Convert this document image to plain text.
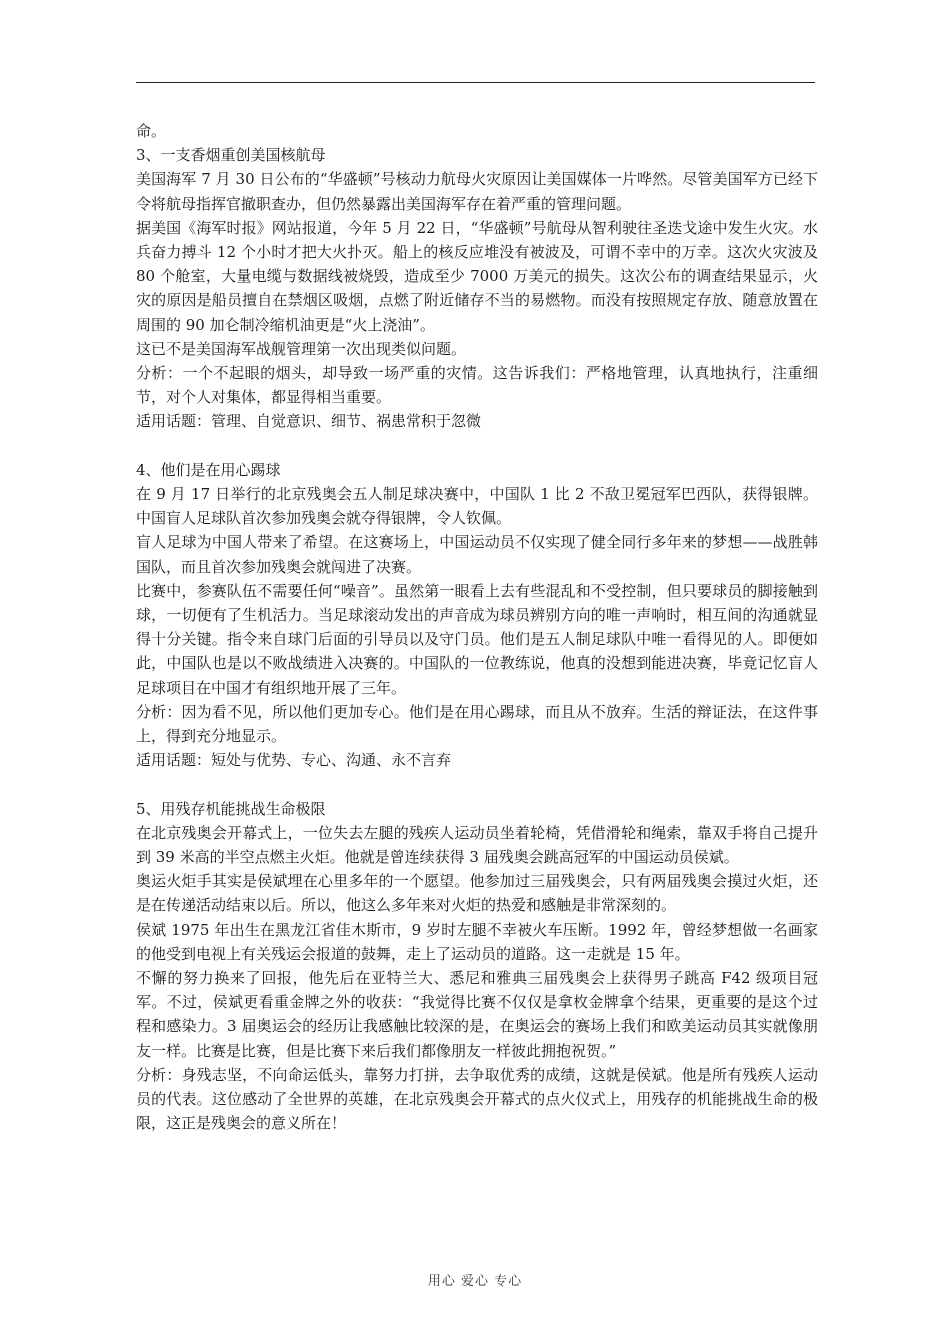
命。

3、一支香烟重创美国核航母

美国海军 7 月 30 日公布的“华盛顿”号核动力航母火灾原因让美国媒体一片哗然。尽管美国军方已经下令将航母指挥官撤职查办，但仍然暴露出美国海军存在着严重的管理问题。

据美国《海军时报》网站报道，今年 5 月 22 日，“华盛顿”号航母从智利驶往圣迭戈途中发生火灾。水兵奋力搏斗 12 个小时才把大火扑灭。船上的核反应堆没有被波及，可谓不幸中的万幸。这次火灾波及 80 个舱室，大量电缆与数据线被烧毁，造成至少 7000 万美元的损失。这次公布的调查结果显示，火灾的原因是船员擅自在禁烟区吸烟，点燃了附近储存不当的易燃物。而没有按照规定存放、随意放置在周围的 90 加仑制冷缩机油更是“火上浇油”。

这已不是美国海军战舰管理第一次出现类似问题。

分析：一个不起眼的烟头，却导致一场严重的灾情。这告诉我们：严格地管理，认真地执行，注重细节，对个人对集体，都显得相当重要。

适用话题：管理、自觉意识、细节、祸患常积于忽微

4、他们是在用心踢球

在 9 月 17 日举行的北京残奥会五人制足球决赛中，中国队 1 比 2 不敌卫冕冠军巴西队，获得银牌。中国盲人足球队首次参加残奥会就夺得银牌，令人钦佩。

盲人足球为中国人带来了希望。在这赛场上，中国运动员不仅实现了健全同行多年来的梦想——战胜韩国队，而且首次参加残奥会就闯进了决赛。

比赛中，参赛队伍不需要任何“噪音”。虽然第一眼看上去有些混乱和不受控制，但只要球员的脚接触到球，一切便有了生机活力。当足球滚动发出的声音成为球员辨别方向的唯一声响时，相互间的沟通就显得十分关键。指令来自球门后面的引导员以及守门员。他们是五人制足球队中唯一看得见的人。即便如此，中国队也是以不败战绩进入决赛的。中国队的一位教练说，他真的没想到能进决赛，毕竟记忆盲人足球项目在中国才有组织地开展了三年。

分析：因为看不见，所以他们更加专心。他们是在用心踢球，而且从不放弃。生活的辩证法，在这件事上，得到充分地显示。

适用话题：短处与优势、专心、沟通、永不言弃

5、用残存机能挑战生命极限

在北京残奥会开幕式上，一位失去左腿的残疾人运动员坐着轮椅，凭借滑轮和绳索，靠双手将自己提升到 39 米高的半空点燃主火炬。他就是曾连续获得 3 届残奥会跳高冠军的中国运动员侯斌。

奥运火炬手其实是侯斌埋在心里多年的一个愿望。他参加过三届残奥会，只有两届残奥会摸过火炬，还是在传递活动结束以后。所以，他这么多年来对火炬的热爱和感触是非常深刻的。

侯斌 1975 年出生在黑龙江省佳木斯市，9 岁时左腿不幸被火车压断。1992 年，曾经梦想做一名画家的他受到电视上有关残运会报道的鼓舞，走上了运动员的道路。这一走就是 15 年。

不懈的努力换来了回报，他先后在亚特兰大、悉尼和雅典三届残奥会上获得男子跳高 F42 级项目冠军。不过，侯斌更看重金牌之外的收获：“我觉得比赛不仅仅是拿枚金牌拿个结果，更重要的是这个过程和感染力。3 届奥运会的经历让我感触比较深的是，在奥运会的赛场上我们和欧美运动员其实就像朋友一样。比赛是比赛，但是比赛下来后我们都像朋友一样彼此拥抱祝贺。”

分析：身残志坚，不向命运低头，靠努力打拼，去争取优秀的成绩，这就是侯斌。他是所有残疾人运动员的代表。这位感动了全世界的英雄，在北京残奥会开幕式的点火仪式上，用残存的机能挑战生命的极限，这正是残奥会的意义所在！

用心 爱心 专心
